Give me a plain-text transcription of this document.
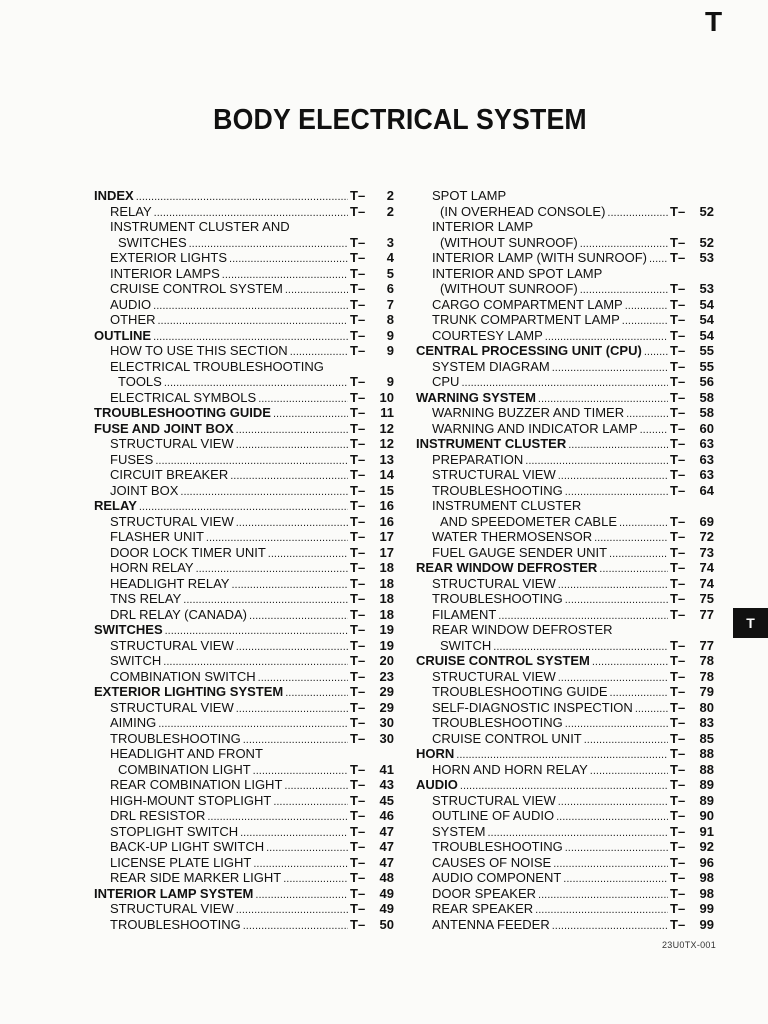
T
BODY ELECTRICAL SYSTEM
INDEX .....	T–	2
RELAY .....	T–	2
INSTRUMENT CLUSTER AND
SWITCHES .....	T–	3
EXTERIOR LIGHTS .....	T–	4
INTERIOR LAMPS .....	T–	5
CRUISE CONTROL SYSTEM .....	T–	6
AUDIO .....	T–	7
OTHER .....	T–	8
OUTLINE .....	T–	9
HOW TO USE THIS SECTION .....	T–	9
ELECTRICAL TROUBLESHOOTING
TOOLS .....	T–	9
ELECTRICAL SYMBOLS .....	T–	10
TROUBLESHOOTING GUIDE .....	T–	11
FUSE AND JOINT BOX .....	T–	12
STRUCTURAL VIEW .....	T–	12
FUSES .....	T–	13
CIRCUIT BREAKER .....	T–	14
JOINT BOX .....	T–	15
RELAY .....	T–	16
STRUCTURAL VIEW .....	T–	16
FLASHER UNIT .....	T–	17
DOOR LOCK TIMER UNIT .....	T–	17
HORN RELAY .....	T–	18
HEADLIGHT RELAY .....	T–	18
TNS RELAY .....	T–	18
DRL RELAY (CANADA) .....	T–	18
SWITCHES .....	T–	19
STRUCTURAL VIEW .....	T–	19
SWITCH .....	T–	20
COMBINATION SWITCH .....	T–	23
EXTERIOR LIGHTING SYSTEM .....	T–	29
STRUCTURAL VIEW .....	T–	29
AIMING .....	T–	30
TROUBLESHOOTING .....	T–	30
HEADLIGHT AND FRONT
COMBINATION LIGHT .....	T–	41
REAR COMBINATION LIGHT .....	T–	43
HIGH-MOUNT STOPLIGHT .....	T–	45
DRL RESISTOR .....	T–	46
STOPLIGHT SWITCH .....	T–	47
BACK-UP LIGHT SWITCH .....	T–	47
LICENSE PLATE LIGHT .....	T–	47
REAR SIDE MARKER LIGHT .....	T–	48
INTERIOR LAMP SYSTEM .....	T–	49
STRUCTURAL VIEW .....	T–	49
TROUBLESHOOTING .....	T–	50
SPOT LAMP
(IN OVERHEAD CONSOLE) .....	T–	52
INTERIOR LAMP
(WITHOUT SUNROOF) .....	T–	52
INTERIOR LAMP (WITH SUNROOF) ..... T–	53
INTERIOR AND SPOT LAMP
(WITHOUT SUNROOF) .....	T–	53
CARGO COMPARTMENT LAMP .....	T–	54
TRUNK COMPARTMENT LAMP .....	T–	54
COURTESY LAMP .....	T–	54
CENTRAL PROCESSING UNIT (CPU) ..... T–	55
SYSTEM DIAGRAM .....	T–	55
CPU .....	T–	56
WARNING SYSTEM .....	T–	58
WARNING BUZZER AND TIMER .....	T–	58
WARNING AND INDICATOR LAMP ..... T–	60
INSTRUMENT CLUSTER .....	T–	63
PREPARATION .....	T–	63
STRUCTURAL VIEW .....	T–	63
TROUBLESHOOTING .....	T–	64
INSTRUMENT CLUSTER
AND SPEEDOMETER CABLE .....	T–	69
WATER THERMOSENSOR .....	T–	72
FUEL GAUGE SENDER UNIT .....	T–	73
REAR WINDOW DEFROSTER .....	T–	74
STRUCTURAL VIEW .....	T–	74
TROUBLESHOOTING .....	T–	75
FILAMENT .....	T–	77
REAR WINDOW DEFROSTER
SWITCH .....	T–	77
CRUISE CONTROL SYSTEM .....	T–	78
STRUCTURAL VIEW .....	T–	78
TROUBLESHOOTING GUIDE .....	T–	79
SELF-DIAGNOSTIC INSPECTION .....	T–	80
TROUBLESHOOTING .....	T–	83
CRUISE CONTROL UNIT .....	T–	85
HORN .....	T–	88
HORN AND HORN RELAY .....	T–	88
AUDIO .....	T–	89
STRUCTURAL VIEW .....	T–	89
OUTLINE OF AUDIO .....	T–	90
SYSTEM .....	T–	91
TROUBLESHOOTING .....	T–	92
CAUSES OF NOISE .....	T–	96
AUDIO COMPONENT .....	T–	98
DOOR SPEAKER .....	T–	98
REAR SPEAKER .....	T–	99
ANTENNA FEEDER .....	T–	99
T
23U0TX-001
